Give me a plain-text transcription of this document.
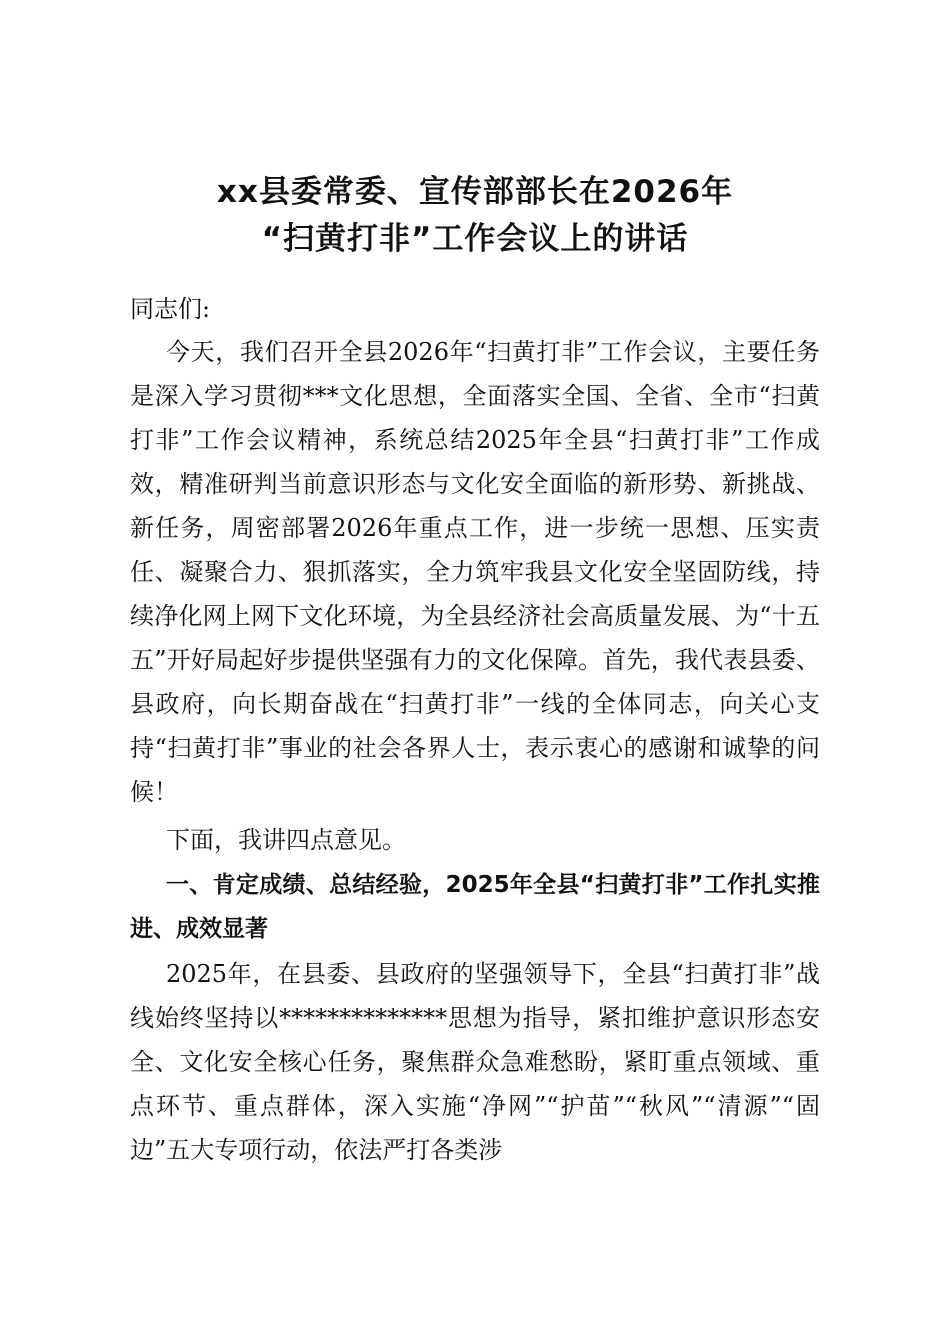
xx县委常委、宣传部部长在2026年
“扫黄打非”工作会议上的讲话
同志们:

今天，我们召开全县2026年“扫黄打非”工作会议，主要任务是深入学习贯彻***文化思想，全面落实全国、全省、全市“扫黄打非”工作会议精神，系统总结2025年全县“扫黄打非”工作成效，精准研判当前意识形态与文化安全面临的新形势、新挑战、新任务，周密部署2026年重点工作，进一步统一思想、压实责任、凝聚合力、狠抓落实，全力筑牢我县文化安全坚固防线，持续净化网上网下文化环境，为全县经济社会高质量发展、为“十五五”开好局起好步提供坚强有力的文化保障。首先，我代表县委、县政府，向长期奋战在“扫黄打非”一线的全体同志，向关心支持“扫黄打非”事业的社会各界人士，表示衷心的感谢和诚挚的问候！

下面，我讲四点意见。

一、肯定成绩、总结经验，2025年全县“扫黄打非”工作扎实推进、成效显著

2025年，在县委、县政府的坚强领导下，全县“扫黄打非”战线始终坚持以**************思想为指导，紧扣维护意识形态安全、文化安全核心任务，聚焦群众急难愁盼，紧盯重点领域、重点环节、重点群体，深入实施“净网”“护苗”“秋风”“清源”“固边”五大专项行动，依法严打各类涉
